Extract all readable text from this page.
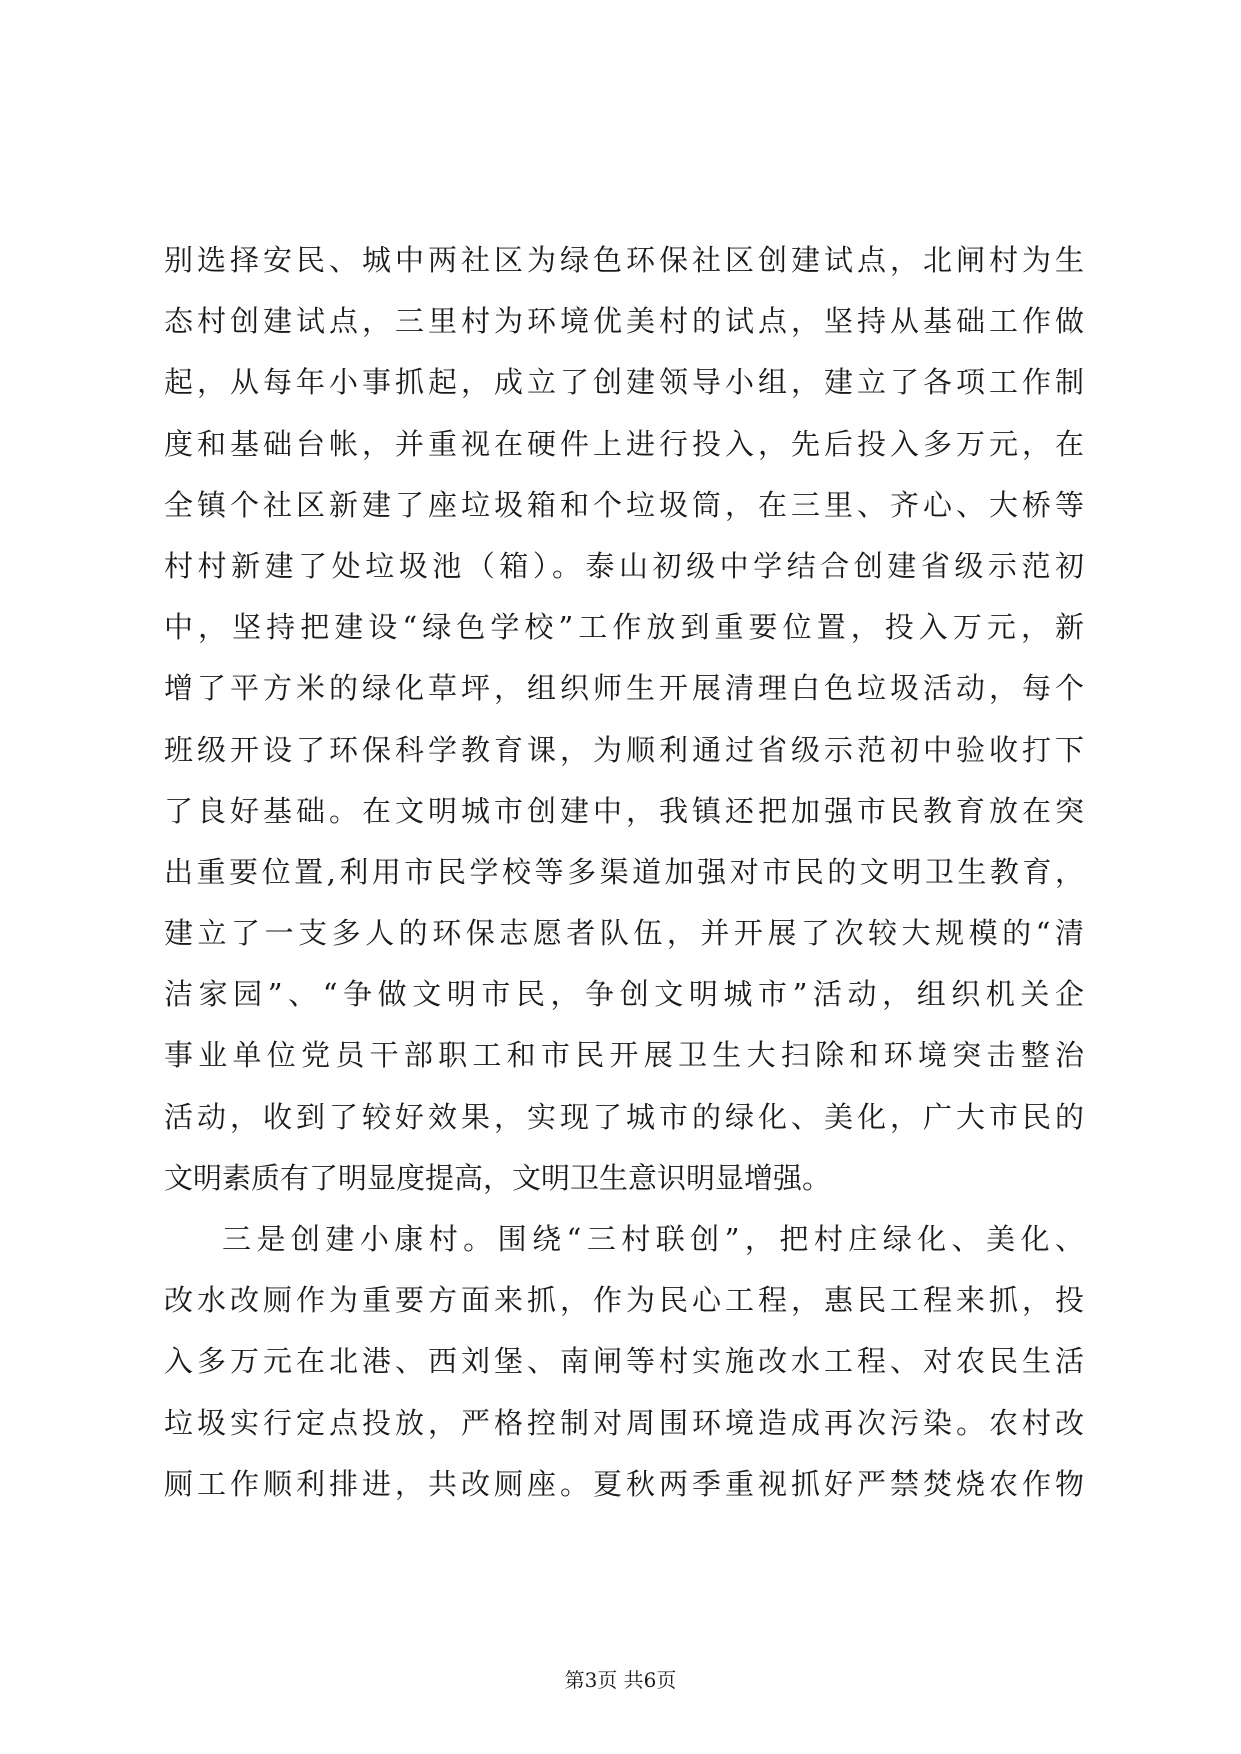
别选择安民、城中两社区为绿色环保社区创建试点，北闸村为生
态村创建试点，三里村为环境优美村的试点，坚持从基础工作做
起，从每年小事抓起，成立了创建领导小组，建立了各项工作制
度和基础台帐，并重视在硬件上进行投入，先后投入多万元，在
全镇个社区新建了座垃圾箱和个垃圾筒，在三里、齐心、大桥等
村村新建了处垃圾池（箱）。泰山初级中学结合创建省级示范初
中，坚持把建设“绿色学校”工作放到重要位置，投入万元，新
增了平方米的绿化草坪，组织师生开展清理白色垃圾活动，每个
班级开设了环保科学教育课，为顺利通过省级示范初中验收打下
了良好基础。在文明城市创建中，我镇还把加强市民教育放在突
出重要位置,利用市民学校等多渠道加强对市民的文明卫生教育，
建立了一支多人的环保志愿者队伍，并开展了次较大规模的“清
洁家园”、“争做文明市民，争创文明城市”活动，组织机关企
事业单位党员干部职工和市民开展卫生大扫除和环境突击整治
活动，收到了较好效果，实现了城市的绿化、美化，广大市民的
文明素质有了明显度提高，文明卫生意识明显增强。
三是创建小康村。围绕“三村联创”，把村庄绿化、美化、
改水改厕作为重要方面来抓，作为民心工程，惠民工程来抓，投
入多万元在北港、西刘堡、南闸等村实施改水工程、对农民生活
垃圾实行定点投放，严格控制对周围环境造成再次污染。农村改
厕工作顺利排进，共改厕座。夏秋两季重视抓好严禁焚烧农作物
第3页 共6页
